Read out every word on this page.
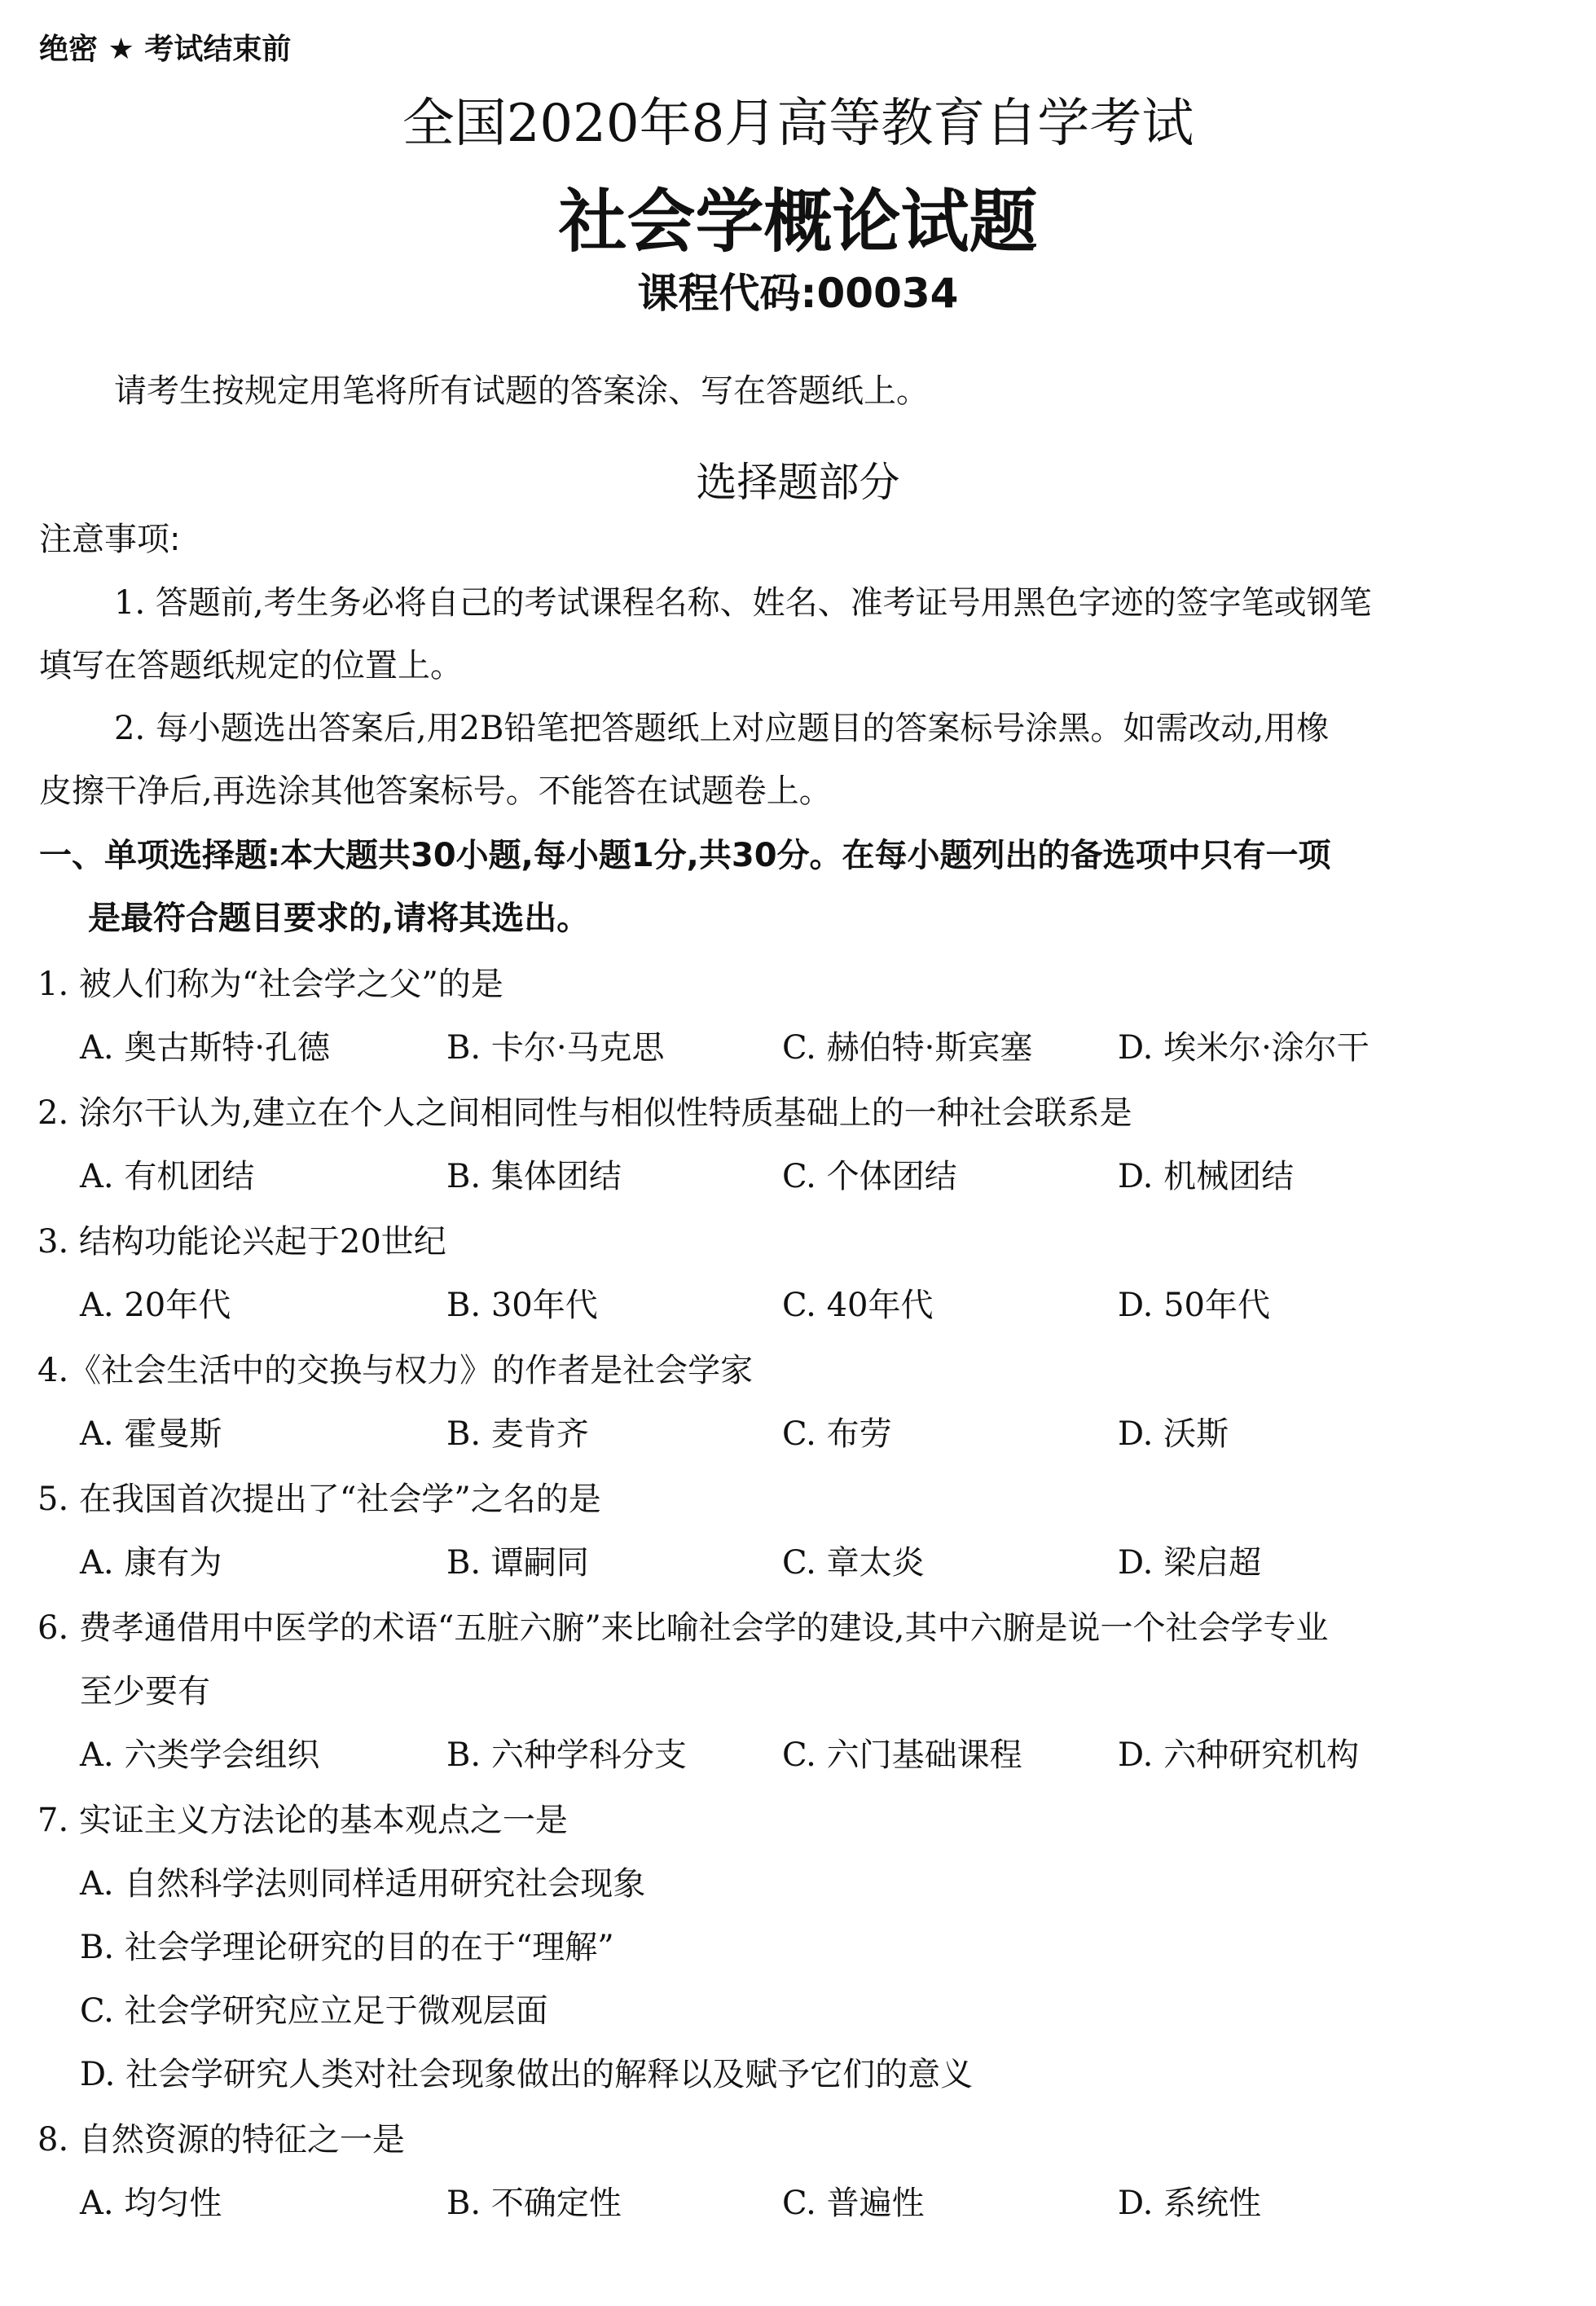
绝密 ★ 考试结束前
全国2020年8月高等教育自学考试
社会学概论试题
课程代码:00034
请考生按规定用笔将所有试题的答案涂、写在答题纸上。
选择题部分
注意事项:
1. 答题前,考生务必将自己的考试课程名称、姓名、准考证号用黑色字迹的签字笔或钢笔
填写在答题纸规定的位置上。
2. 每小题选出答案后,用2B铅笔把答题纸上对应题目的答案标号涂黑。如需改动,用橡
皮擦干净后,再选涂其他答案标号。不能答在试题卷上。
一、单项选择题:本大题共30小题,每小题1分,共30分。在每小题列出的备选项中只有一项
是最符合题目要求的,请将其选出。
1. 被人们称为“社会学之父”的是
A. 奥古斯特·孔德	B. 卡尔·马克思	C. 赫伯特·斯宾塞	D. 埃米尔·涂尔干
2. 涂尔干认为,建立在个人之间相同性与相似性特质基础上的一种社会联系是
A. 有机团结	B. 集体团结	C. 个体团结	D. 机械团结
3. 结构功能论兴起于20世纪
A. 20年代	B. 30年代	C. 40年代	D. 50年代
4.《社会生活中的交换与权力》的作者是社会学家
A. 霍曼斯	B. 麦肯齐	C. 布劳	D. 沃斯
5. 在我国首次提出了“社会学”之名的是
A. 康有为	B. 谭嗣同	C. 章太炎	D. 梁启超
6. 费孝通借用中医学的术语“五脏六腑”来比喻社会学的建设,其中六腑是说一个社会学专业
至少要有
A. 六类学会组织	B. 六种学科分支	C. 六门基础课程	D. 六种研究机构
7. 实证主义方法论的基本观点之一是
A. 自然科学法则同样适用研究社会现象
B. 社会学理论研究的目的在于“理解”
C. 社会学研究应立足于微观层面
D. 社会学研究人类对社会现象做出的解释以及赋予它们的意义
8. 自然资源的特征之一是
A. 均匀性	B. 不确定性	C. 普遍性	D. 系统性
